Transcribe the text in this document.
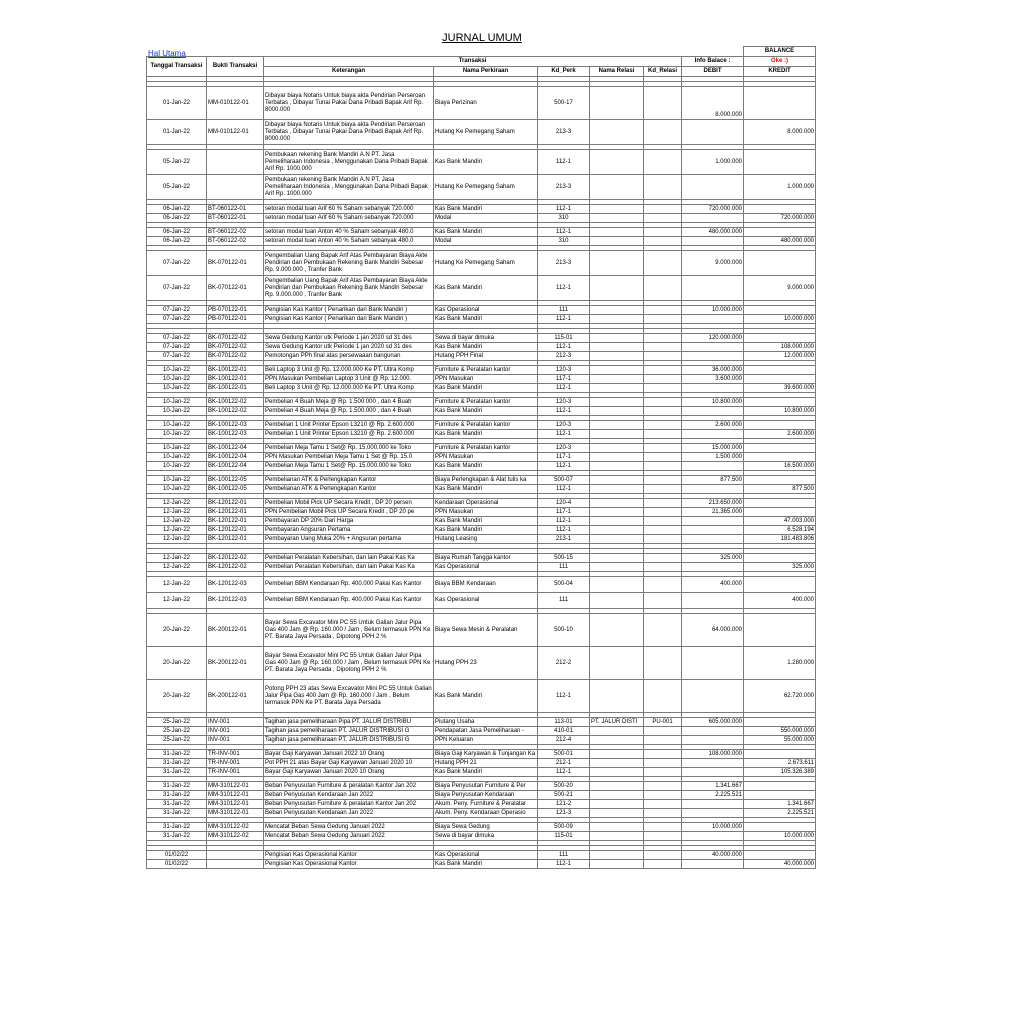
JURNAL UMUM
Hal Utama
								BALANCE
Tanggal Transaksi	Bukti Transaksi	Transaksi					Info Balace :	Oke :)
		Keterangan	Nama Perkiraan	Kd_Perk	Nama Relasi	Kd_Relasi	DEBIT	KREDIT

01-Jan-22	MM-010122-01	Dibayar biaya Notaris Untuk biaya akta Pendirian Perseroan Terbatas , Dibayar Tunai Pakai Dana Pribadi Bapak Arif Rp. 8000.000	Biaya Perizinan	500-17			8.000.000	
01-Jan-22	MM-010122-01	Dibayar biaya Notaris Untuk biaya akta Pendirian Perseroan Terbatas , Dibayar Tunai Pakai Dana Pribadi Bapak Arif Rp. 8000.000	Hutang Ke Pemegang Saham	213-3				8.000.000

05-Jan-22		Pembukaan rekening Bank Mandiri A.N PT. Jasa Pemeliharaan Indonesia , Menggunakan Dana Pribadi Bapak Arif Rp. 1000.000	Kas Bank Mandiri	112-1			1.000.000	
05-Jan-22		Pembukaan rekening Bank Mandiri A.N PT. Jasa Pemeliharaan Indonesia , Menggunakan Dana Pribadi Bapak Arif Rp. 1000.000	Hutang Ke Pemegang Saham	213-3				1.000.000

06-Jan-22	BT-060122-01	setoran modal tuan Arif 60 % Saham sebanyak 720.000	Kas Bank Mandiri	112-1			720.000.000	
06-Jan-22	BT-060122-01	setoran modal tuan Arif 60 % Saham sebanyak 720.000	Modal	310				720.000.000

06-Jan-22	BT-060122-02	setoran modal tuan Anton 40 % Saham sebanyak 480.0	Kas Bank Mandiri	112-1			480.000.000	
06-Jan-22	BT-060122-02	setoran modal tuan Anton 40 % Saham sebanyak 480.0	Modal	310				480.000.000

07-Jan-22	BK-070122-01	Pengembalian Uang Bapak Arif Atas Pembayaran Biaya Akte Pendirian dan Pembukaan Rekening Bank Mandiri Sebesar Rp. 9.000.000 , Tranfer Bank	Hutang Ke Pemegang Saham	213-3			9.000.000	
07-Jan-22	BK-070122-01	Pengembalian Uang Bapak Arif Atas Pembayaran Biaya Akte Pendirian dan Pembukaan Rekening Bank Mandiri Sebesar Rp. 9.000.000 , Tranfer Bank	Kas Bank Mandiri	112-1				9.000.000

07-Jan-22	PB-070122-01	Pengisian Kas Kantor ( Penarikan dari Bank Mandiri )	Kas Operasional	111			10.000.000	
07-Jan-22	PB-070122-01	Pengisian Kas Kantor ( Penarikan dari Bank Mandiri )	Kas Bank Mandiri	112-1				10.000.000

07-Jan-22	BK-070122-02	Sewa Gedung Kantor utk Periode 1 jan 2020 sd 31 des	Sewa di bayar dimuka	115-01			120.000.000	
07-Jan-22	BK-070122-02	Sewa Gedung Kantor utk Periode 1 jan 2020 sd 31 des	Kas Bank Mandiri	112-1				108.000.000
07-Jan-22	BK-070122-02	Pemotongan PPh final atas persewaaan bangunan	Hutang PPH Final	212-3				12.000.000

10-Jan-22	BK-100122-01	Beli Laptop 3 Unit @ Rp. 12.000.000 Ke PT. Ultra Komp	Furniture & Peralatan kantor	120-3			36.000.000	
10-Jan-22	BK-100122-01	PPN Masukan Pembelian Laptop 3 Unit @ Rp. 12.000.	PPN Masukan	117-1			3.600.000	
10-Jan-22	BK-100122-01	Beli Laptop 3 Unit @ Rp. 12.000.000 Ke PT. Ultra Komp	Kas Bank Mandiri	112-1				39.600.000

10-Jan-22	BK-100122-02	Pembelian 4 Buah Meja @ Rp. 1.500.000 , dan 4 Buah	Furniture & Peralatan kantor	120-3			10.800.000	
10-Jan-22	BK-100122-02	Pembelian 4 Buah Meja @ Rp. 1.500.000 , dan 4 Buah	Kas Bank Mandiri	112-1				10.800.000

10-Jan-22	BK-100122-03	Pembelian 1 Unit Printer Epson L3210 @ Rp. 2.600.000	Furniture & Peralatan kantor	120-3			2.600.000	
10-Jan-22	BK-100122-03	Pembelian 1 Unit Printer Epson L3210 @ Rp. 2.600.000	Kas Bank Mandiri	112-1				2.600.000

10-Jan-22	BK-100122-04	Pembelian Meja Tamu 1 Set@ Rp. 15.000.000 ke Toko	Furniture & Peralatan kantor	120-3			15.000.000	
10-Jan-22	BK-100122-04	PPN Masukan Pembelian Meja Tamu 1 Set @ Rp. 15.0	PPN Masukan	117-1			1.500.000	
10-Jan-22	BK-100122-04	Pembelian Meja Tamu 1 Set@ Rp. 15.000.000 ke Toko	Kas Bank Mandiri	112-1				16.500.000

10-Jan-22	BK-100122-05	Pembelianan ATK & Perlengkapan Kantor	Biaya Perlengkapan & Alat tulis ka	500-07			877.500	
10-Jan-22	BK-100122-05	Pembelianan ATK & Perlengkapan Kantor	Kas Bank Mandiri	112-1				877.500

12-Jan-22	BK-120122-01	Pembelian Mobil Pick UP Secara Kredit , DP 20 persen	Kendaraan Operasional	120-4			213.650.000	
12-Jan-22	BK-120122-01	PPN Pembelian Mobil Pick UP Secara Kredit , DP 20 pe	PPN Masukan	117-1			21.365.000	
12-Jan-22	BK-120122-01	Pembayaran DP 20% Dari Harga	Kas Bank Mandiri	112-1				47.003.000
12-Jan-22	BK-120122-01	Pembayaran Angsuran Pertama	Kas Bank Mandiri	112-1				6.528.194
12-Jan-22	BK-120122-01	Pembayaran Uang Muka 20% + Angsuran pertama	Hutang Leasing	213-1				181.483.806

12-Jan-22	BK-120122-02	Pembelian Peralatan Kebersihan, dan lain Pakai Kas Ka	Biaya Rumah Tangga kantor	500-15			325.000	
12-Jan-22	BK-120122-02	Pembelian Peralatan Kebersihan, dan lain Pakai Kas Ka	Kas Operasional	111				325.000

12-Jan-22	BK-120122-03	Pembelian BBM Kendaraan Rp. 400.000 Pakai Kas Kantor	Biaya BBM Kendaraan	500-04			400.000	
12-Jan-22	BK-120122-03	Pembelian BBM Kendaraan Rp. 400.000 Pakai Kas Kantor	Kas Operasional	111				400.000

20-Jan-22	BK-200122-01	Bayar Sewa Excavator Mini PC 55 Untuk Galian Jalur Pipa Gas 400 Jam @ Rp. 160.000 / Jam , Belum termasuk PPN Ke PT. Barata Jaya Persada , Dipotong PPH 2 %	Biaya Sewa Mesin & Peralatan	500-10			64.000.000	
20-Jan-22	BK-200122-01	Bayar Sewa Excavator Mini PC 55 Untuk Galian Jalur Pipa Gas 400 Jam @ Rp. 160.000 / Jam , Belum termasuk PPN Ke PT. Barata Jaya Persada , Dipotong PPH 2 %	Hutang PPH 23	212-2				1.280.000
20-Jan-22	BK-200122-01	Potong PPH 23 atas Sewa Excavator Mini PC 55 Untuk Galian Jalur Pipa Gas 400 Jam @ Rp. 160.000 / Jam , Belum termasuk PPN Ke PT. Barata Jaya Persada	Kas Bank Mandiri	112-1				62.720.000

25-Jan-22	INV-001	Tagihan jasa pemeliharaan Pipa PT. JALUR DISTRIBU	Piutang Usaha	113-01	PT. JALUR DISTI	PU-001	605.000.000	
25-Jan-22	INV-001	Tagihan jasa pemeliharaan PT. JALUR DISTRIBUSI G	Pendapatan Jasa Pemeliharaan -	410-01				550.000.000
25-Jan-22	INV-001	Tagihan jasa pemeliharaan PT. JALUR DISTRIBUSI G	PPN Keluaran	212-4				55.000.000

31-Jan-22	TR-INV-001	Bayar Gaji Karyawan Januari 2022 10 Orang	Biaya Gaji Karyawan & Tunjangan Ka	500-01			108.000.000	
31-Jan-22	TR-INV-001	Pot PPH 21 atas Bayar Gaji Karyawan Januari 2020 10	Hutang PPH 21	212-1				2.673.611
31-Jan-22	TR-INV-001	Bayar Gaji Karyawan Januari 2020 10 Orang	Kas Bank Mandiri	112-1				105.326.389

31-Jan-22	MM-310122-01	Beban Penyusutan Furniture & peralatan Kantor Jan 202	Biaya Penyusutan Furniture & Per	500-20			1.341.667	
31-Jan-22	MM-310122-01	Beban Penyusutan Kendaraan Jan 2022	Biaya Penyusutan Kendaraan	500-21			2.225.521	
31-Jan-22	MM-310122-01	Beban Penyusutan Furniture & peralatan Kantor Jan 202	Akum. Peny. Furniture & Peralatar	121-2				1.341.667
31-Jan-22	MM-310122-01	Beban Penyusutan Kendaraan Jan 2022	Akum. Peny. Kendaraan Operasio	121-3				2.225.521

31-Jan-22	MM-310122-02	Mencatat Beban Sewa Gedung Januari 2022	Biaya Sewa Gedung	500-09			10.000.000	
31-Jan-22	MM-310122-02	Mencatat Beban Sewa Gedung Januari 2022	Sewa di bayar dimuka	115-01				10.000.000

01/02/22		Pengisian Kas Operasional Kantor	Kas Operasional	111			40.000.000	
01/02/22		Pengisian Kas Operasional Kantor	Kas Bank Mandiri	112-1				40.000.000
